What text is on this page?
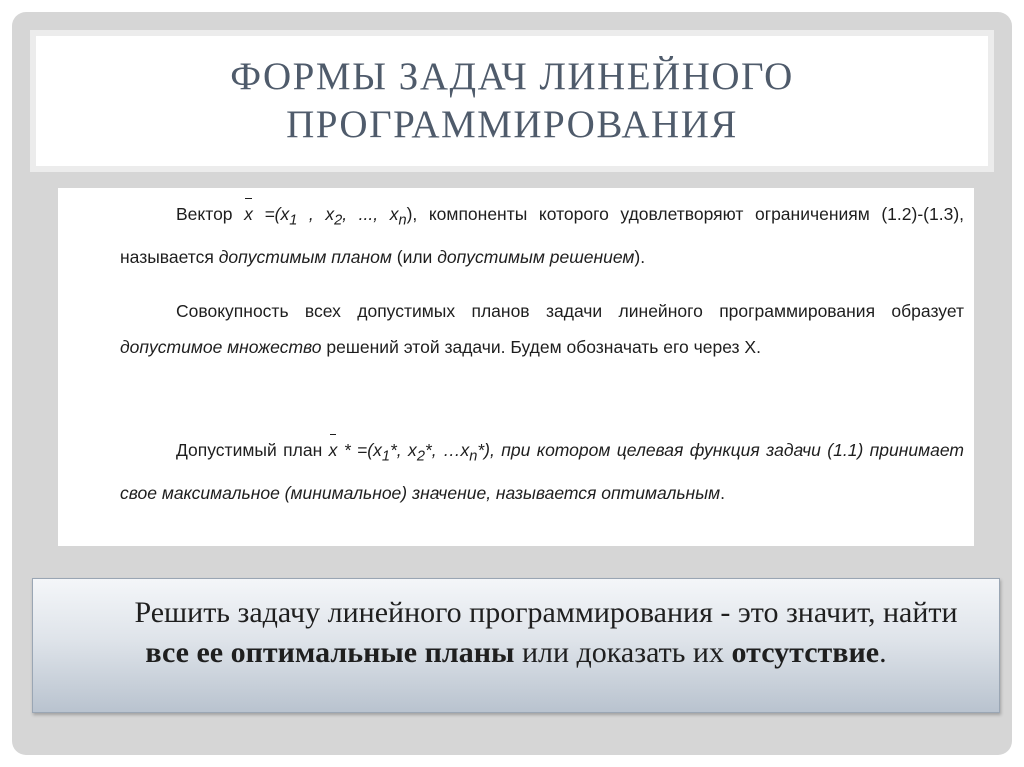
ФОРМЫ ЗАДАЧ ЛИНЕЙНОГО
ПРОГРАММИРОВАНИЯ
Вектор $x =(x_1$ , $x_2$, ..., $x_n$), компоненты которого удовлетворяют ограничениям (1.2)-(1.3), называется допустимым планом (или допустимым решением).
Совокупность всех допустимых планов задачи линейного программирования образует допустимое множество решений этой задачи. Будем обозначать его через X.
Допустимый план $x * =(x_1*$, $x_2*$, $\dots x_n*$), при котором целевая функция задачи (1.1) принимает свое максимальное (минимальное) значение, называется оптимальным.
Решить задачу линейного программирования - это значит, найти все ее оптимальные планы или доказать их отсутствие.
